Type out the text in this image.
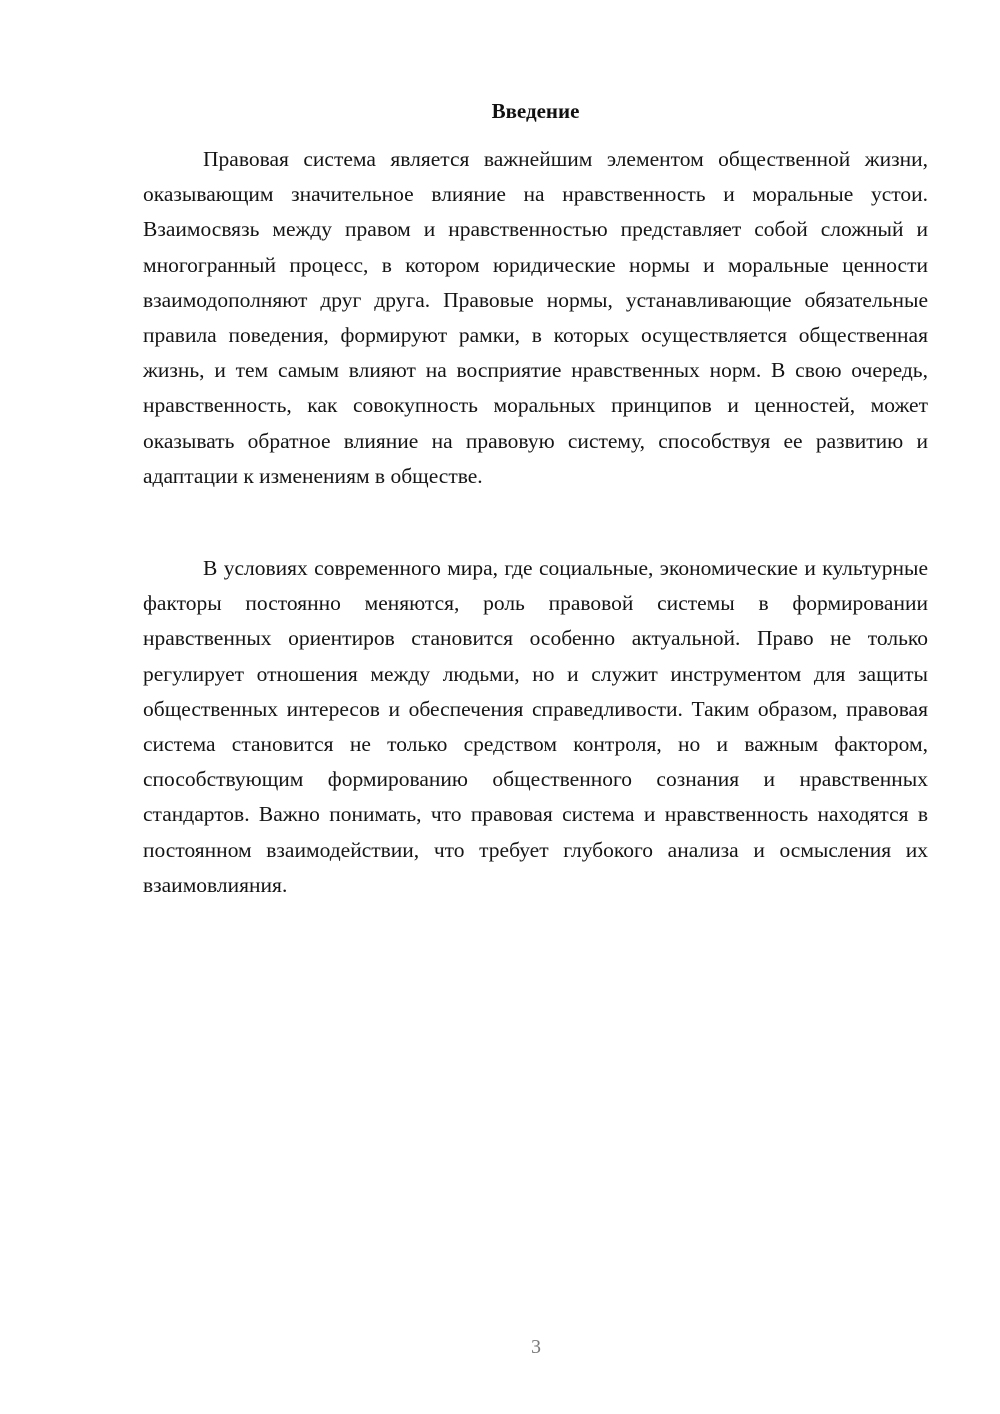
Введение

Правовая система является важнейшим элементом общественной жизни, оказывающим значительное влияние на нравственность и моральные устои. Взаимосвязь между правом и нравственностью представляет собой сложный и многогранный процесс, в котором юридические нормы и моральные ценности взаимодополняют друг друга. Правовые нормы, устанавливающие обязательные правила поведения, формируют рамки, в которых осуществляется общественная жизнь, и тем самым влияют на восприятие нравственных норм. В свою очередь, нравственность, как совокупность моральных принципов и ценностей, может оказывать обратное влияние на правовую систему, способствуя ее развитию и адаптации к изменениям в обществе.

В условиях современного мира, где социальные, экономические и культурные факторы постоянно меняются, роль правовой системы в формировании нравственных ориентиров становится особенно актуальной. Право не только регулирует отношения между людьми, но и служит инструментом для защиты общественных интересов и обеспечения справедливости. Таким образом, правовая система становится не только средством контроля, но и важным фактором, способствующим формированию общественного сознания и нравственных стандартов. Важно понимать, что правовая система и нравственность находятся в постоянном взаимодействии, что требует глубокого анализа и осмысления их взаимовлияния.

3
